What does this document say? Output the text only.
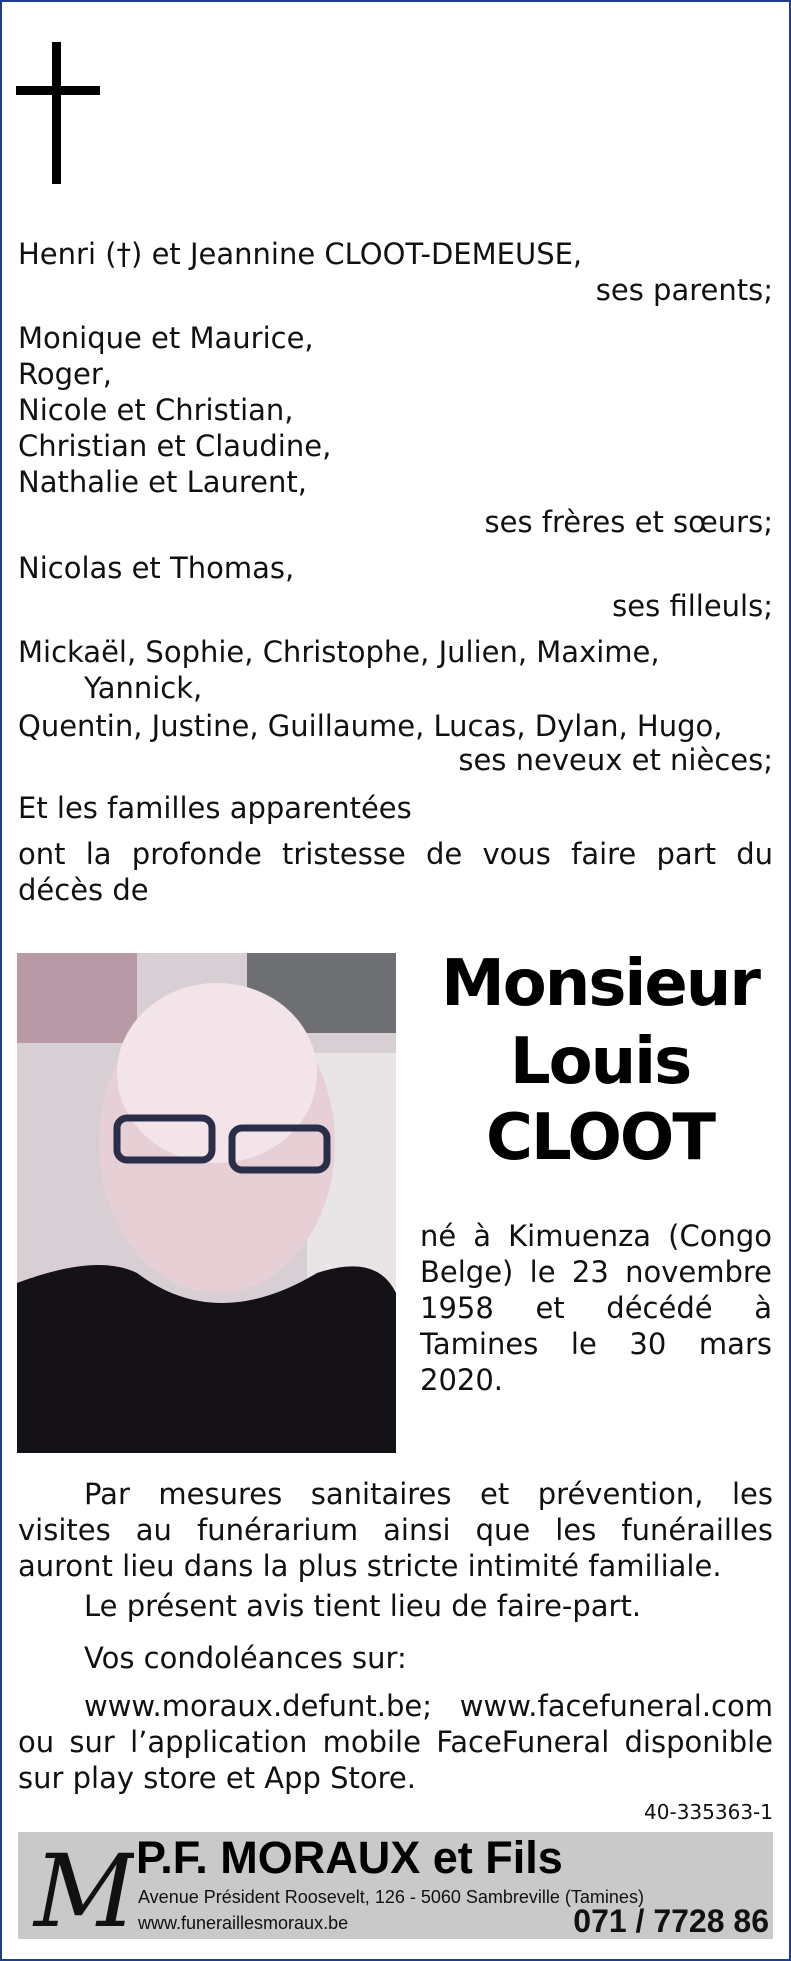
Henri (†) et Jeannine CLOOT-DEMEUSE,
ses parents;
Monique et Maurice,
Roger,
Nicole et Christian,
Christian et Claudine,
Nathalie et Laurent,
ses frères et sœurs;
Nicolas et Thomas,
ses filleuls;
Mickaël, Sophie, Christophe, Julien, Maxime,
Yannick,
Quentin, Justine, Guillaume, Lucas, Dylan, Hugo,
ses neveux et nièces;
Et les familles apparentées
ont la profonde tristesse de vous faire part du décès de
Monsieur
Louis
CLOOT
né à Kimuenza (Congo Belge) le 23 novembre 1958 et décédé à Tamines le 30 mars 2020.
Par mesures sanitaires et prévention, les visites au funérarium ainsi que les funérailles auront lieu dans la plus stricte intimité familiale.
Le présent avis tient lieu de faire-part.
Vos condoléances sur:
www.moraux.defunt.be; www.facefuneral.com ou sur l’application mobile FaceFuneral disponible sur play store et App Store.
40-335363-1
M P.F. MORAUX et Fils
Avenue Président Roosevelt, 126 - 5060 Sambreville (Tamines)
www.funeraillesmoraux.be	071 / 7728 86
